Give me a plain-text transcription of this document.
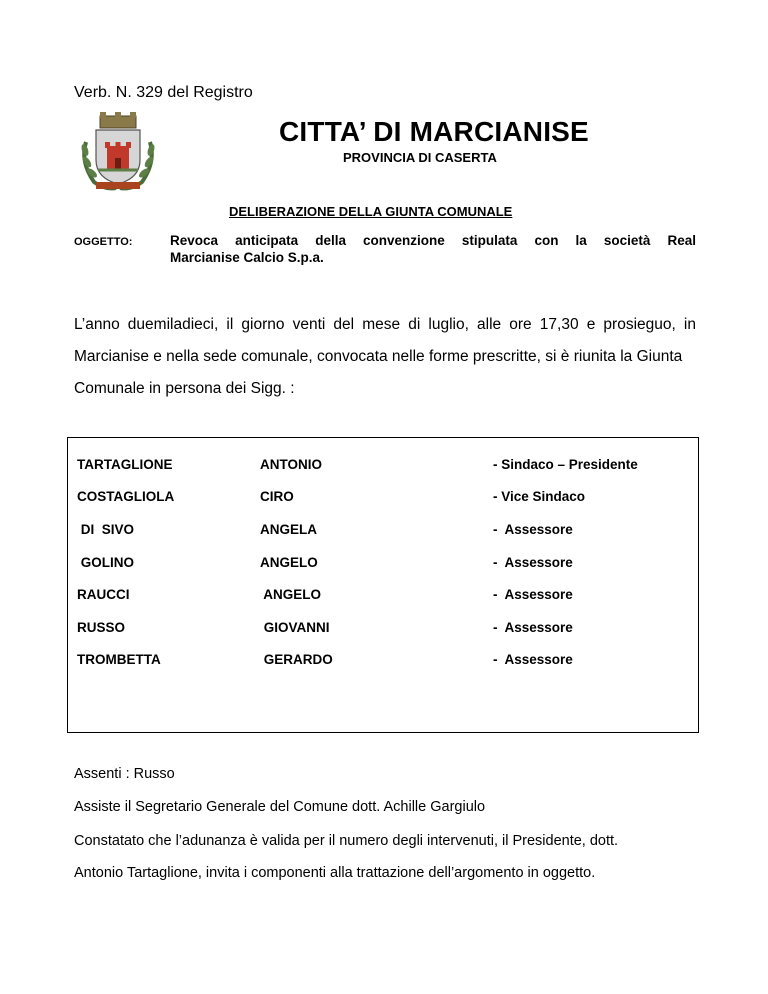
Verb. N. 329 del Registro
CITTA’ DI MARCIANISE
PROVINCIA DI CASERTA
DELIBERAZIONE DELLA GIUNTA COMUNALE
OGGETTO:	Revoca anticipata della convenzione stipulata con la società Real
Marcianise Calcio S.p.a.
L’anno duemiladieci, il giorno venti del mese di luglio, alle ore 17,30 e prosieguo, in
Marcianise e nella sede comunale, convocata nelle forme prescritte, si è riunita la Giunta
Comunale in persona dei Sigg. :
TARTAGLIONE	ANTONIO	- Sindaco – Presidente
COSTAGLIOLA	CIRO	- Vice Sindaco
DI  SIVO	ANGELA	-  Assessore
GOLINO	ANGELO	-  Assessore
RAUCCI	ANGELO	-  Assessore
RUSSO	GIOVANNI	-  Assessore
TROMBETTA	GERARDO	-  Assessore
Assenti : Russo
Assiste il Segretario Generale del Comune dott. Achille Gargiulo
Constatato che l’adunanza è valida per il numero degli intervenuti, il Presidente, dott.
Antonio Tartaglione, invita i componenti alla trattazione dell’argomento in oggetto.
